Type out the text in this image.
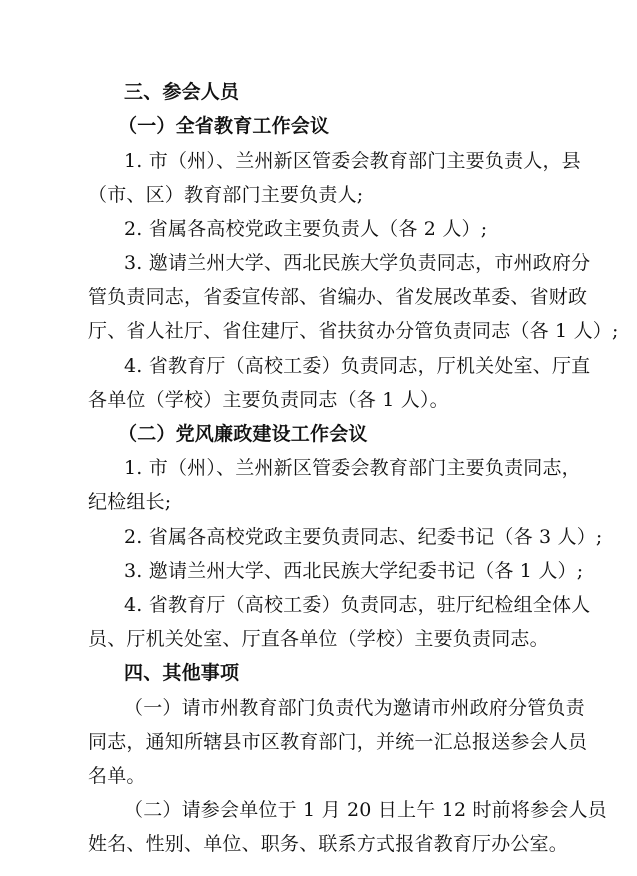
三、参会人员
（一）全省教育工作会议
1. 市（州）、兰州新区管委会教育部门主要负责人，县
（市、区）教育部门主要负责人;
2. 省属各高校党政主要负责人（各 2 人）;
3. 邀请兰州大学、西北民族大学负责同志，市州政府分
管负责同志，省委宣传部、省编办、省发展改革委、省财政
厅、省人社厅、省住建厅、省扶贫办分管负责同志（各 1 人）;
4. 省教育厅（高校工委）负责同志，厅机关处室、厅直
各单位（学校）主要负责同志（各 1 人）。
（二）党风廉政建设工作会议
1. 市（州）、兰州新区管委会教育部门主要负责同志，
纪检组长;
2. 省属各高校党政主要负责同志、纪委书记（各 3 人）;
3. 邀请兰州大学、西北民族大学纪委书记（各 1 人）;
4. 省教育厅（高校工委）负责同志，驻厅纪检组全体人
员、厅机关处室、厅直各单位（学校）主要负责同志。
四、其他事项
（一）请市州教育部门负责代为邀请市州政府分管负责
同志，通知所辖县市区教育部门，并统一汇总报送参会人员
名单。
（二）请参会单位于 1 月 20 日上午 12 时前将参会人员
姓名、性别、单位、职务、联系方式报省教育厅办公室。
